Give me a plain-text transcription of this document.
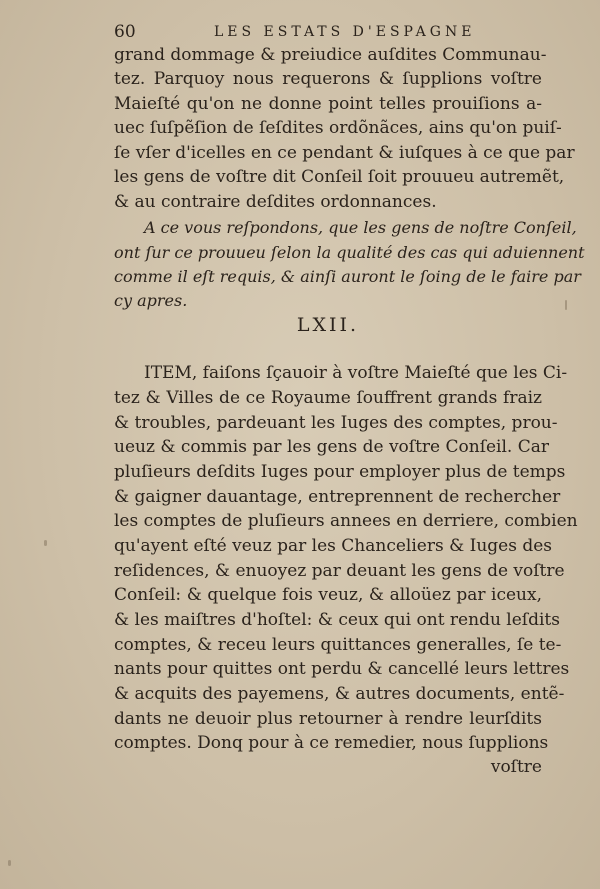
60	LES ESTATS D'ESPAGNE
grand dommage & preiudice auſdites Communau-
tez. Parquoy nous requerons & ſupplions voſtre
Maieſté qu'on ne donne point telles prouiſions a-
uec ſuſpẽſion de ſeſdites ordõnãces, ains qu'on puiſ-
ſe vſer d'icelles en ce pendant & iuſques à ce que par
les gens de voſtre dit Conſeil ſoit prouueu autremẽt,
& au contraire deſdites ordonnances.
A ce vous reſpondons, que les gens de noſtre Conſeil,
ont ſur ce prouueu ſelon la qualité des cas qui aduiennent
comme il eſt requis, & ainſi auront le ſoing de le faire par
cy apres.
LXII.
ITEM, faiſons ſçauoir à voſtre Maieſté que les Ci-
tez & Villes de ce Royaume ſouffrent grands fraiz
& troubles, pardeuant les Iuges des comptes, prou-
ueuz & commis par les gens de voſtre Conſeil. Car
pluſieurs deſdits Iuges pour employer plus de temps
& gaigner dauantage, entreprennent de rechercher
les comptes de pluſieurs annees en derriere, combien
qu'ayent eſté veuz par les Chanceliers & Iuges des
reſidences, & enuoyez par deuant les gens de voſtre
Conſeil: & quelque fois veuz, & alloüez par iceux,
& les maiſtres d'hoſtel: & ceux qui ont rendu leſdits
comptes, & receu leurs quittances generalles, ſe te-
nants pour quittes ont perdu & cancellé leurs lettres
& acquits des payemens, & autres documents, entẽ-
dants ne deuoir plus retourner à rendre leurſdits
comptes. Donq pour à ce remedier, nous ſupplions
voſtre
